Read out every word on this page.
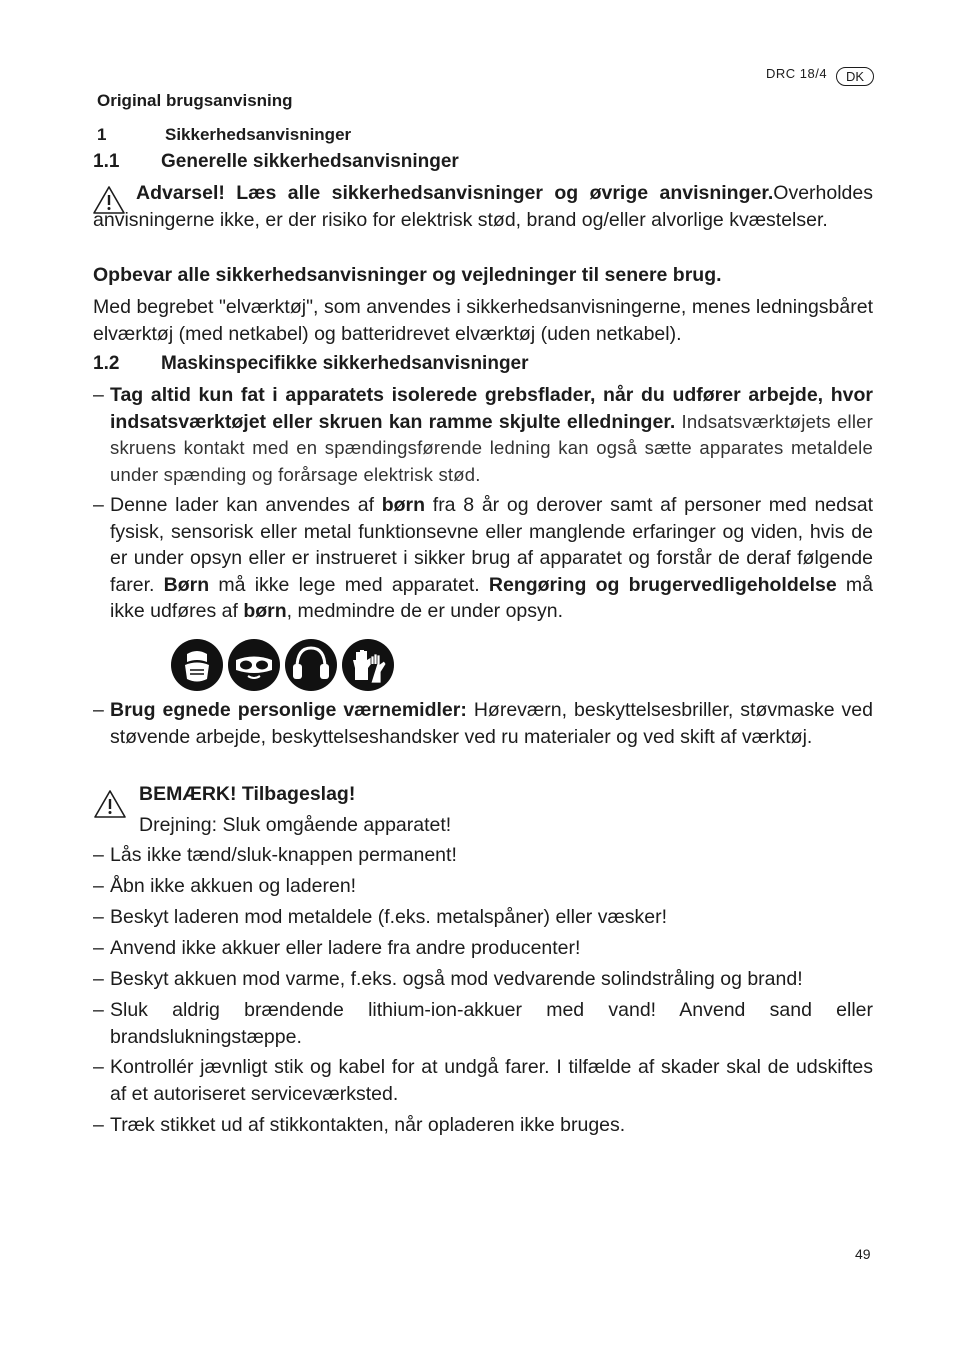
DRC 18/4	DK
Original brugsanvisning
1	Sikkerhedsanvisninger
1.1 Generelle sikkerhedsanvisninger
Advarsel! Læs alle sikkerhedsanvisninger og øvrige anvisninger.Overholdes anvisningerne ikke, er der risiko for elektrisk stød, brand og/eller alvorlige kvæstelser.
Opbevar alle sikkerhedsanvisninger og vejledninger til senere brug.
Med begrebet "elværktøj", som anvendes i sikkerhedsanvisningerne, menes ledningsbåret elværktøj (med netkabel) og batteridrevet elværktøj (uden netkabel).
1.2 Maskinspecifikke sikkerhedsanvisninger
– Tag altid kun fat i apparatets isolerede grebsflader, når du udfører arbejde, hvor indsatsværktøjet eller skruen kan ramme skjulte elledninger. Indsatsværktøjets eller skruens kontakt med en spændingsførende ledning kan også sætte apparates metaldele under spænding og forårsage elektrisk stød.
– Denne lader kan anvendes af børn fra 8 år og derover samt af personer med nedsat fysisk, sensorisk eller metal funktionsevne eller manglende erfaringer og viden, hvis de er under opsyn eller er instrueret i sikker brug af apparatet og forstår de deraf følgende farer. Børn må ikke lege med apparatet. Rengøring og brugervedligeholdelse må ikke udføres af børn, medmindre de er under opsyn.
– Brug egnede personlige værnemidler: Høreværn, beskyttelsesbriller, støvmaske ved støvende arbejde, beskyttelseshandsker ved ru materialer og ved skift af værktøj.
BEMÆRK! Tilbageslag!
Drejning: Sluk omgående apparatet!
– Lås ikke tænd/sluk-knappen permanent!
– Åbn ikke akkuen og laderen!
– Beskyt laderen mod metaldele (f.eks. metalspåner) eller væsker!
– Anvend ikke akkuer eller ladere fra andre producenter!
– Beskyt akkuen mod varme, f.eks. også mod vedvarende solindstråling og brand!
– Sluk aldrig brændende lithium-ion-akkuer med vand! Anvend sand eller brandslukningstæppe.
– Kontrollér jævnligt stik og kabel for at undgå farer. I tilfælde af skader skal de udskiftes af et autoriseret serviceværksted.
– Træk stikket ud af stikkontakten, når opladeren ikke bruges.
49
